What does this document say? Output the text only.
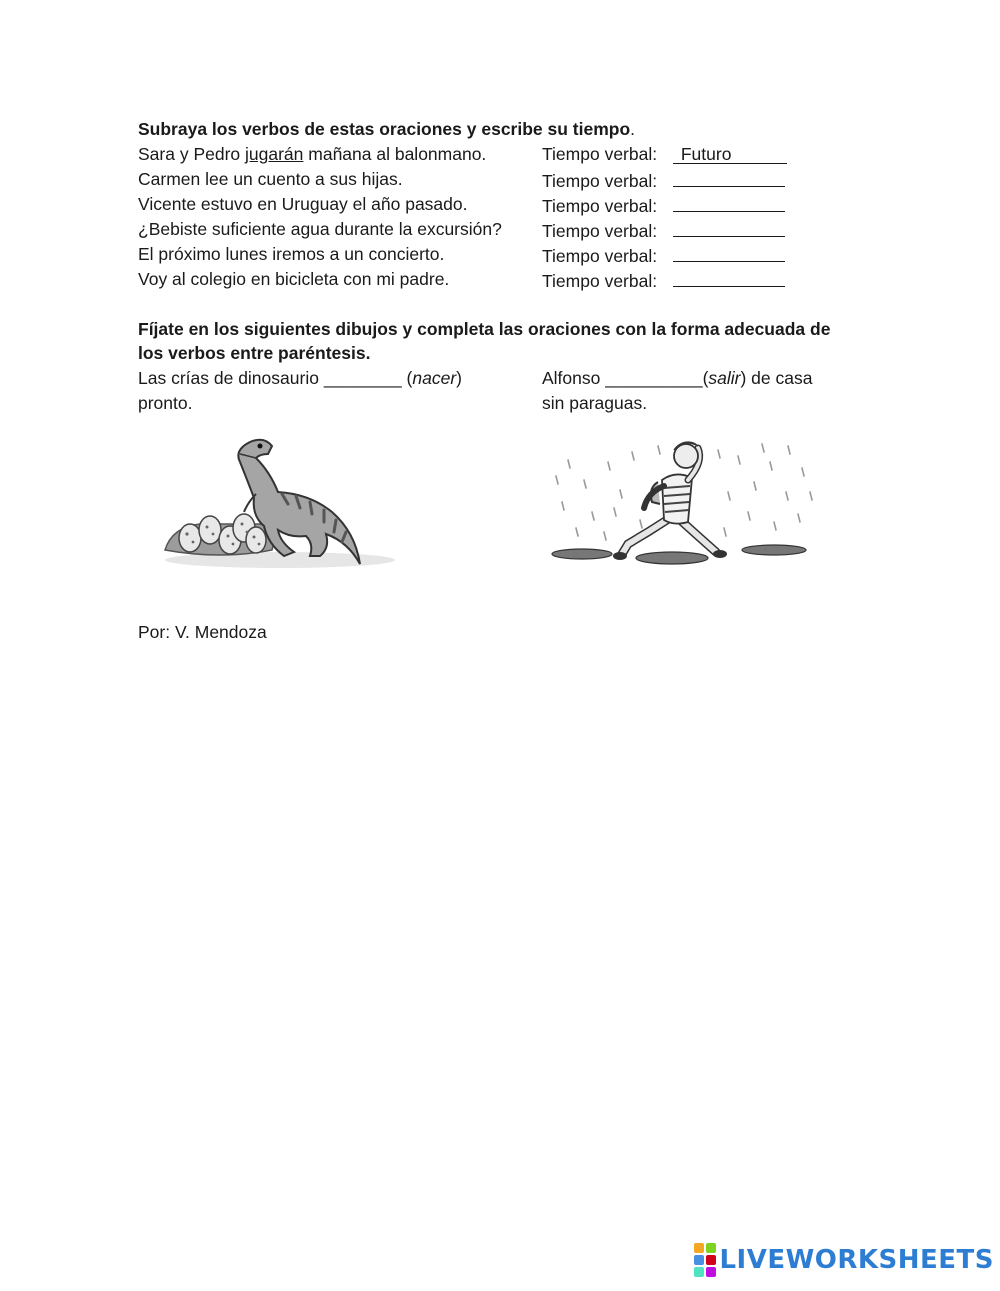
Subraya los verbos de estas oraciones y escribe su tiempo.
Sara y Pedro jugarán mañana al balonmano.	Tiempo verbal: Futuro
Carmen lee un cuento a sus hijas.	Tiempo verbal:
Vicente estuvo en Uruguay el año pasado.	Tiempo verbal:
¿Bebiste suficiente agua durante la excursión? Tiempo verbal:
El próximo lunes iremos a un concierto.	Tiempo verbal:
Voy al colegio en bicicleta con mi padre.	Tiempo verbal:
Fíjate en los siguientes dibujos y completa las oraciones con la forma adecuada de
los verbos entre paréntesis.
Las crías de dinosaurio ________ (nacer)
pronto.
Alfonso __________(salir) de casa
sin paraguas.
Por: V. Mendoza
LIVEWORKSHEETS
